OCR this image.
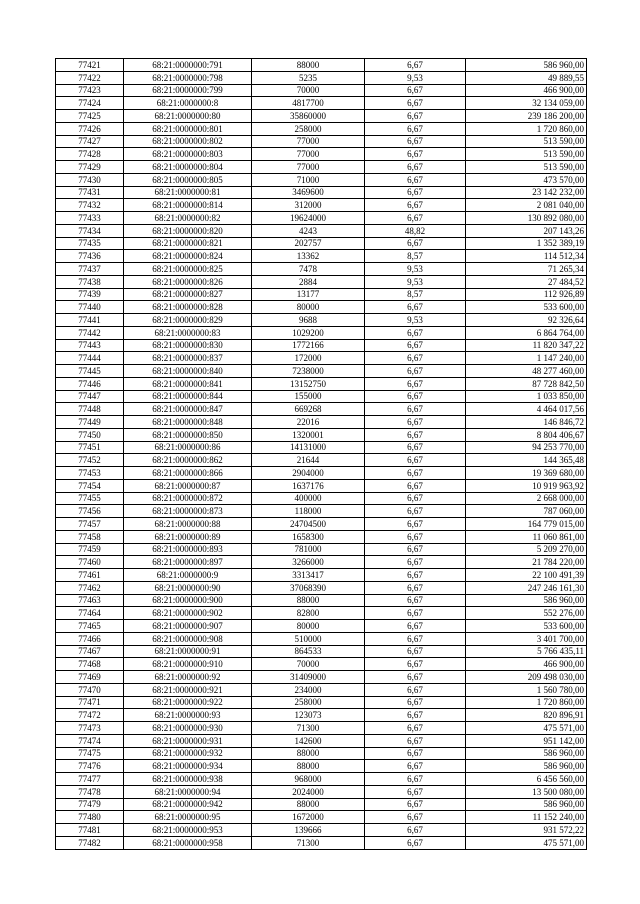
77421	68:21:0000000:791	88000	6,67	586 960,00
77422	68:21:0000000:798	5235	9,53	49 889,55
77423	68:21:0000000:799	70000	6,67	466 900,00
77424	68:21:0000000:8	4817700	6,67	32 134 059,00
77425	68:21:0000000:80	35860000	6,67	239 186 200,00
77426	68:21:0000000:801	258000	6,67	1 720 860,00
77427	68:21:0000000:802	77000	6,67	513 590,00
77428	68:21:0000000:803	77000	6,67	513 590,00
77429	68:21:0000000:804	77000	6,67	513 590,00
77430	68:21:0000000:805	71000	6,67	473 570,00
77431	68:21:0000000:81	3469600	6,67	23 142 232,00
77432	68:21:0000000:814	312000	6,67	2 081 040,00
77433	68:21:0000000:82	19624000	6,67	130 892 080,00
77434	68:21:0000000:820	4243	48,82	207 143,26
77435	68:21:0000000:821	202757	6,67	1 352 389,19
77436	68:21:0000000:824	13362	8,57	114 512,34
77437	68:21:0000000:825	7478	9,53	71 265,34
77438	68:21:0000000:826	2884	9,53	27 484,52
77439	68:21:0000000:827	13177	8,57	112 926,89
77440	68:21:0000000:828	80000	6,67	533 600,00
77441	68:21:0000000:829	9688	9,53	92 326,64
77442	68:21:0000000:83	1029200	6,67	6 864 764,00
77443	68:21:0000000:830	1772166	6,67	11 820 347,22
77444	68:21:0000000:837	172000	6,67	1 147 240,00
77445	68:21:0000000:840	7238000	6,67	48 277 460,00
77446	68:21:0000000:841	13152750	6,67	87 728 842,50
77447	68:21:0000000:844	155000	6,67	1 033 850,00
77448	68:21:0000000:847	669268	6,67	4 464 017,56
77449	68:21:0000000:848	22016	6,67	146 846,72
77450	68:21:0000000:850	1320001	6,67	8 804 406,67
77451	68:21:0000000:86	14131000	6,67	94 253 770,00
77452	68:21:0000000:862	21644	6,67	144 365,48
77453	68:21:0000000:866	2904000	6,67	19 369 680,00
77454	68:21:0000000:87	1637176	6,67	10 919 963,92
77455	68:21:0000000:872	400000	6,67	2 668 000,00
77456	68:21:0000000:873	118000	6,67	787 060,00
77457	68:21:0000000:88	24704500	6,67	164 779 015,00
77458	68:21:0000000:89	1658300	6,67	11 060 861,00
77459	68:21:0000000:893	781000	6,67	5 209 270,00
77460	68:21:0000000:897	3266000	6,67	21 784 220,00
77461	68:21:0000000:9	3313417	6,67	22 100 491,39
77462	68:21:0000000:90	37068390	6,67	247 246 161,30
77463	68:21:0000000:900	88000	6,67	586 960,00
77464	68:21:0000000:902	82800	6,67	552 276,00
77465	68:21:0000000:907	80000	6,67	533 600,00
77466	68:21:0000000:908	510000	6,67	3 401 700,00
77467	68:21:0000000:91	864533	6,67	5 766 435,11
77468	68:21:0000000:910	70000	6,67	466 900,00
77469	68:21:0000000:92	31409000	6,67	209 498 030,00
77470	68:21:0000000:921	234000	6,67	1 560 780,00
77471	68:21:0000000:922	258000	6,67	1 720 860,00
77472	68:21:0000000:93	123073	6,67	820 896,91
77473	68:21:0000000:930	71300	6,67	475 571,00
77474	68:21:0000000:931	142600	6,67	951 142,00
77475	68:21:0000000:932	88000	6,67	586 960,00
77476	68:21:0000000:934	88000	6,67	586 960,00
77477	68:21:0000000:938	968000	6,67	6 456 560,00
77478	68:21:0000000:94	2024000	6,67	13 500 080,00
77479	68:21:0000000:942	88000	6,67	586 960,00
77480	68:21:0000000:95	1672000	6,67	11 152 240,00
77481	68:21:0000000:953	139666	6,67	931 572,22
77482	68:21:0000000:958	71300	6,67	475 571,00
